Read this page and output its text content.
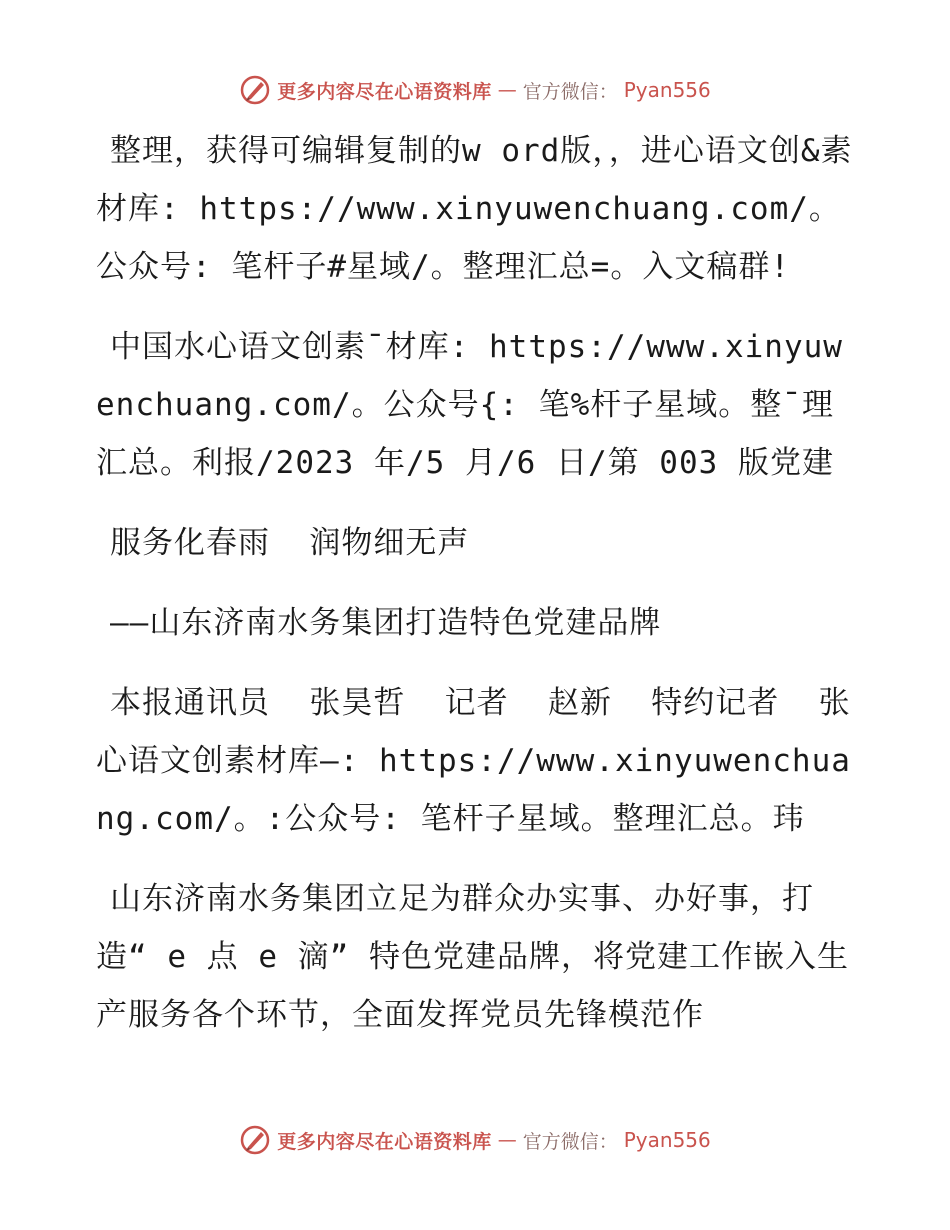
更多内容尽在心语资料库 — 官方微信： Pyan556

整理，获得可编辑复制的w ord版，，进心语文创&素材库: https://www.xinyuwenchuang.com/。公众号: 笔杆子#星域/。整理汇总=。入文稿群!

中国水心语文创素¯材库: https://www.xinyuwenchuang.com/。公众号{: 笔%杆子星域。整¯理汇总。利报/2023 年/5 月/6 日/第 003 版党建

服务化春雨  润物细无声

——山东济南水务集团打造特色党建品牌

本报通讯员  张昊哲  记者  赵新  特约记者  张心语文创素材库—: https://www.xinyuwenchuang.com/。:公众号: 笔杆子星域。整理汇总。玮

山东济南水务集团立足为群众办实事、办好事，打造“ e 点 e 滴” 特色党建品牌，将党建工作嵌入生产服务各个环节，全面发挥党员先锋模范作

更多内容尽在心语资料库 — 官方微信： Pyan556
